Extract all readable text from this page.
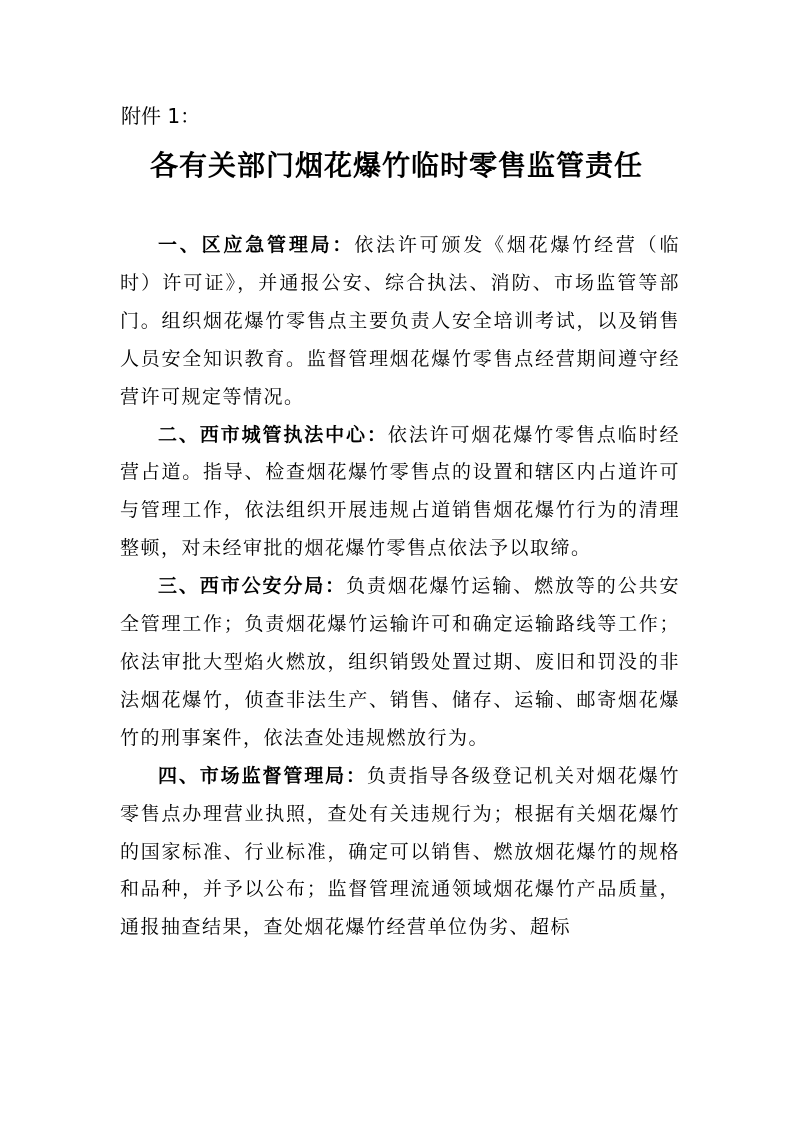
附件 1：
各有关部门烟花爆竹临时零售监管责任

一、区应急管理局：依法许可颁发《烟花爆竹经营（临时）许可证》，并通报公安、综合执法、消防、市场监管等部门。组织烟花爆竹零售点主要负责人安全培训考试，以及销售人员安全知识教育。监督管理烟花爆竹零售点经营期间遵守经营许可规定等情况。

二、西市城管执法中心：依法许可烟花爆竹零售点临时经营占道。指导、检查烟花爆竹零售点的设置和辖区内占道许可与管理工作，依法组织开展违规占道销售烟花爆竹行为的清理整顿，对未经审批的烟花爆竹零售点依法予以取缔。

三、西市公安分局：负责烟花爆竹运输、燃放等的公共安全管理工作；负责烟花爆竹运输许可和确定运输路线等工作；依法审批大型焰火燃放，组织销毁处置过期、废旧和罚没的非法烟花爆竹，侦查非法生产、销售、储存、运输、邮寄烟花爆竹的刑事案件，依法查处违规燃放行为。

四、市场监督管理局：负责指导各级登记机关对烟花爆竹零售点办理营业执照，查处有关违规行为；根据有关烟花爆竹的国家标准、行业标准，确定可以销售、燃放烟花爆竹的规格和品种，并予以公布；监督管理流通领域烟花爆竹产品质量，通报抽查结果，查处烟花爆竹经营单位伪劣、超标
